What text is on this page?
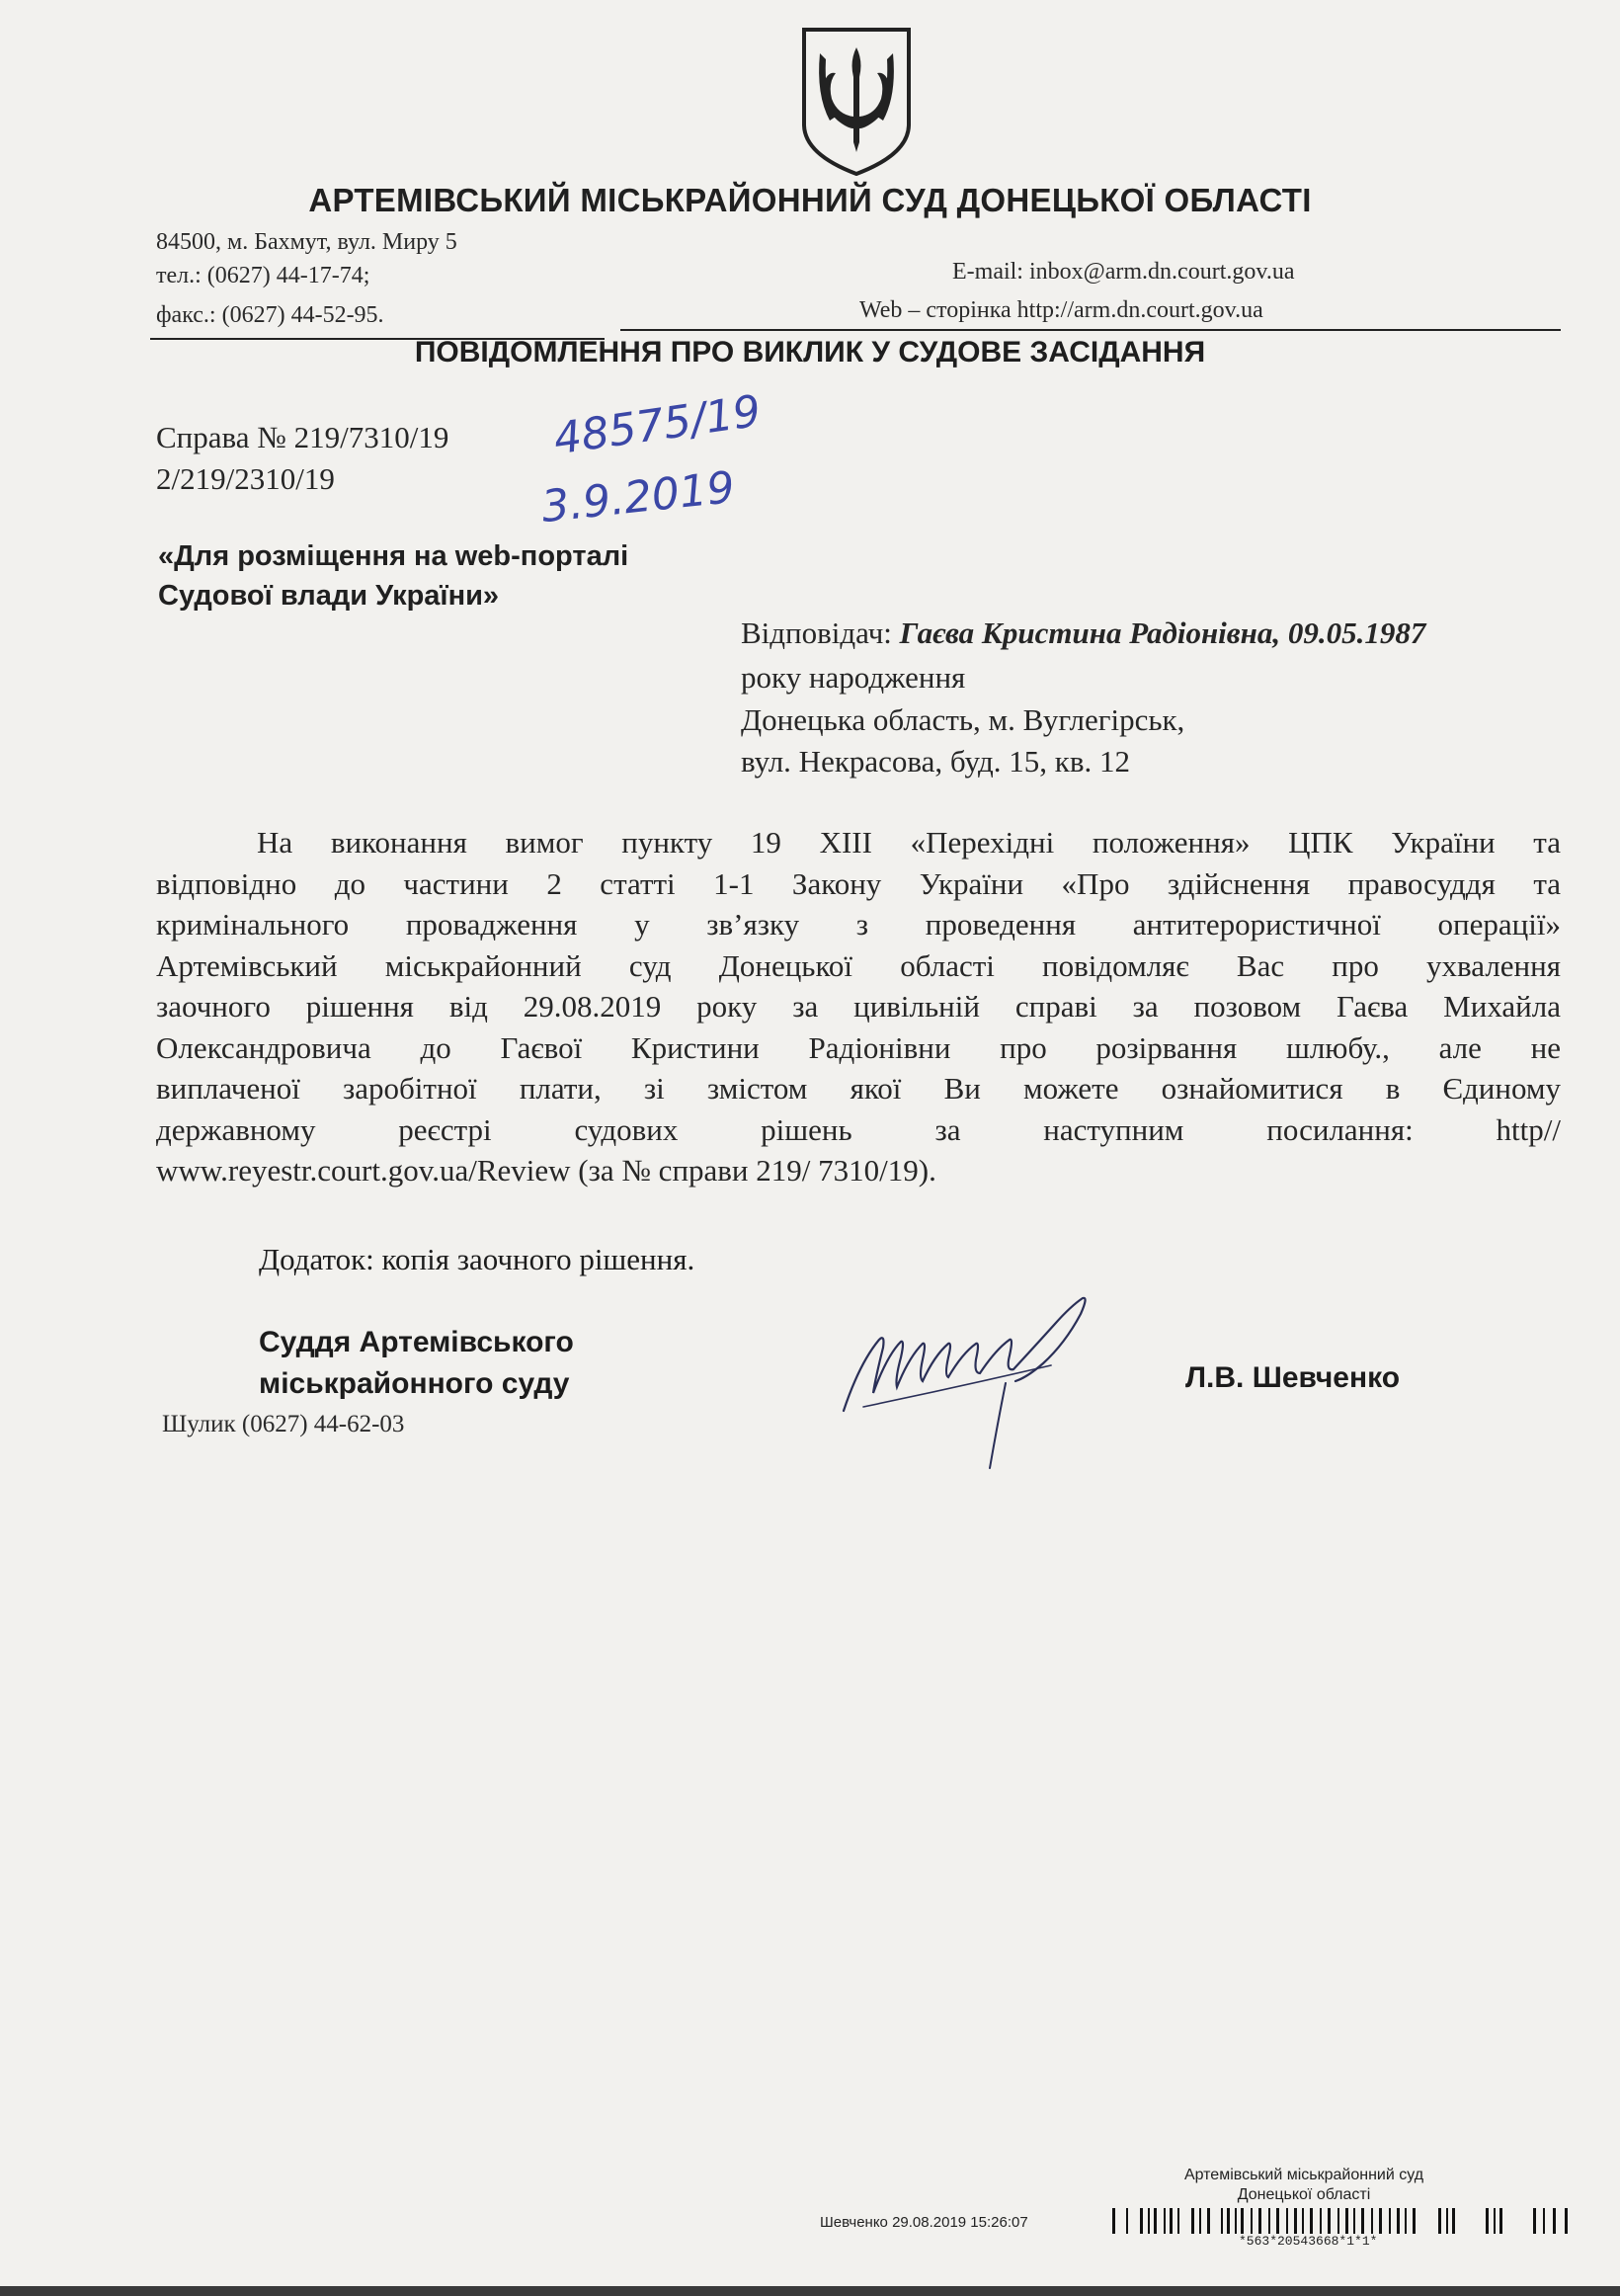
АРТЕМІВСЬКИЙ МІСЬКРАЙОННИЙ СУД ДОНЕЦЬКОЇ ОБЛАСТІ
84500, м. Бахмут, вул. Миру 5
тел.: (0627) 44-17-74;
факс.: (0627) 44-52-95.
E-mail: inbox@arm.dn.court.gov.ua
Web – сторінка http://arm.dn.court.gov.ua
ПОВІДОМЛЕННЯ ПРО ВИКЛИК У СУДОВЕ ЗАСІДАННЯ
Справа № 219/7310/19
2/219/2310/19
48575/19
3.9.2019
«Для розміщення на web-порталі
Судової влади України»
Відповідач: Гаєва Кристина Радіонівна, 09.05.1987
року народження
Донецька область, м. Вуглегірськ,
вул. Некрасова, буд. 15, кв. 12
На виконання вимог пункту 19 XIII «Перехідні положення» ЦПК України та
відповідно до частини 2 статті 1-1 Закону України «Про здійснення правосуддя та
кримінального провадження у зв’язку з проведення антитерористичної операції»
Артемівський міськрайонний суд Донецької області повідомляє Вас про ухвалення
заочного рішення від 29.08.2019 року за цивільній справі за позовом Гаєва Михайла
Олександровича до Гаєвої Кристини Радіонівни про розірвання шлюбу., але не
виплаченої заробітної плати, зі змістом якої Ви можете ознайомитися в Єдиному
державному реєстрі судових рішень за наступним посилання: http//
www.reyestr.court.gov.ua/Review (за № справи 219/ 7310/19).
Додаток: копія заочного рішення.
Суддя Артемівського
міськрайонного суду
Шулик (0627) 44-62-03
Л.В. Шевченко
Артемівський міськрайонний суд
Донецької області
Шевченко 29.08.2019 15:26:07
*563*20543668*1*1*
